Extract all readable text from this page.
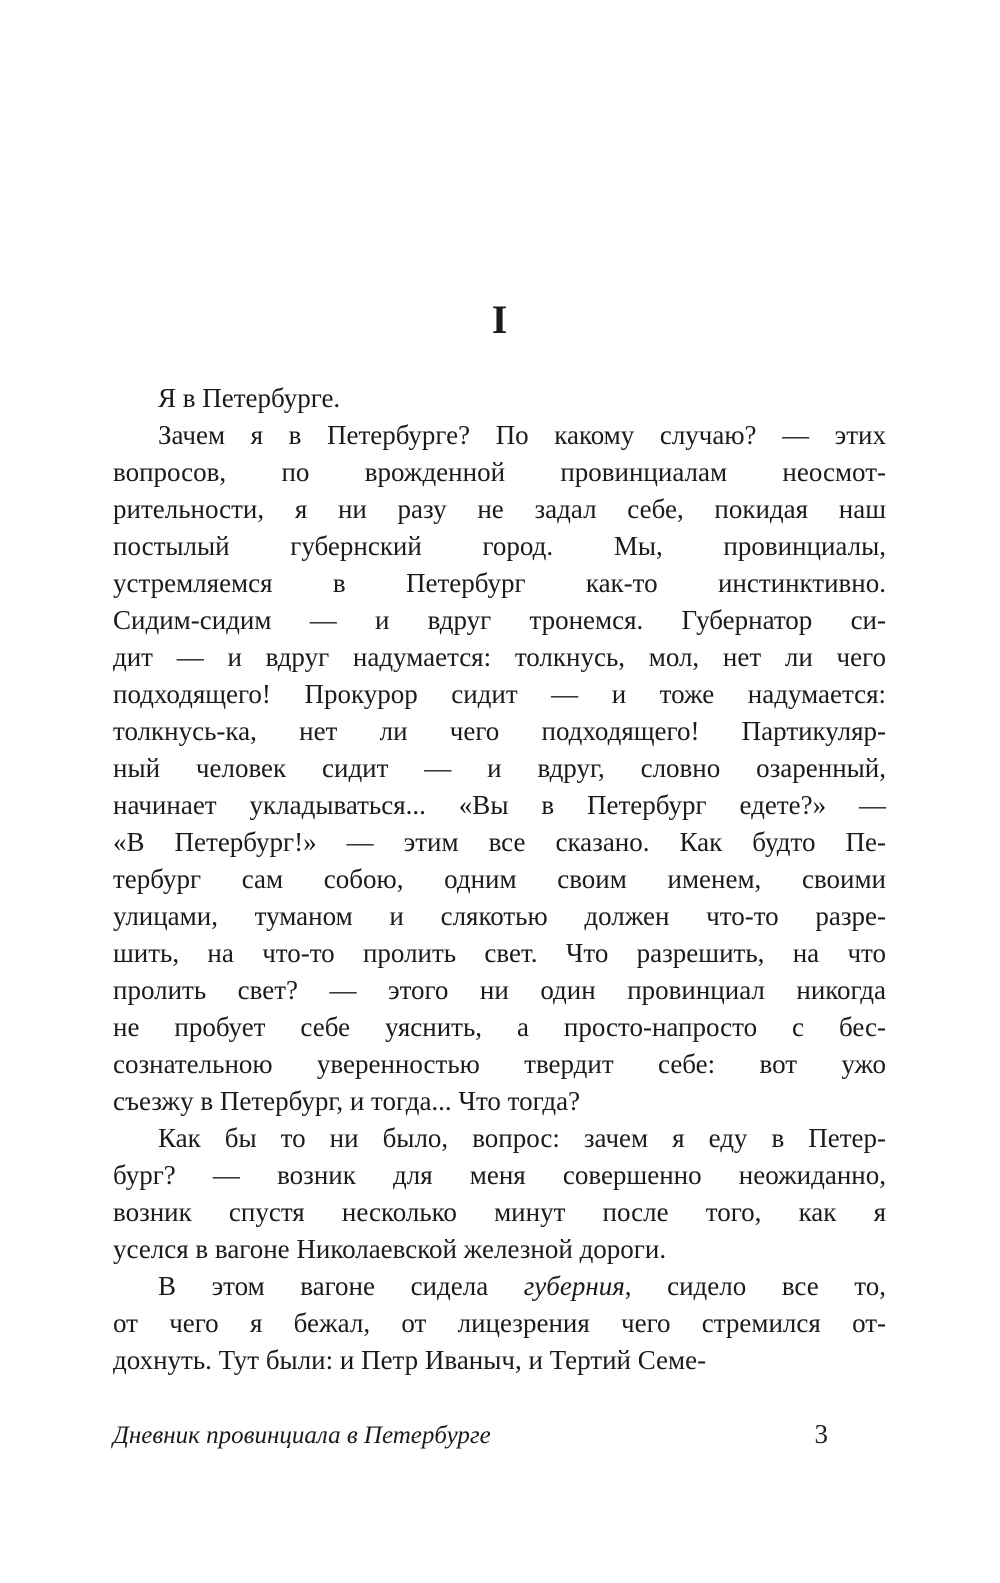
I
Я в Петербурге.
Зачем я в Петербурге? По какому случаю? — этих
вопросов, по врожденной провинциалам неосмот-
рительности, я ни разу не задал себе, покидая наш
постылый губернский город. Мы, провинциалы,
устремляемся в Петербург как-то инстинктивно.
Сидим-сидим — и вдруг тронемся. Губернатор си-
дит — и вдруг надумается: толкнусь, мол, нет ли чего
подходящего! Прокурор сидит — и тоже надумается:
толкнусь-ка, нет ли чего подходящего! Партикуляр-
ный человек сидит — и вдруг, словно озаренный,
начинает укладываться... «Вы в Петербург едете?» —
«В Петербург!» — этим все сказано. Как будто Пе-
тербург сам собою, одним своим именем, своими
улицами, туманом и слякотью должен что-то разре-
шить, на что-то пролить свет. Что разрешить, на что
пролить свет? — этого ни один провинциал никогда
не пробует себе уяснить, а просто-напросто с бес-
сознательною уверенностью твердит себе: вот ужо
съезжу в Петербург, и тогда... Что тогда?
Как бы то ни было, вопрос: зачем я еду в Петер-
бург? — возник для меня совершенно неожиданно,
возник спустя несколько минут после того, как я
уселся в вагоне Николаевской железной дороги.
В этом вагоне сидела губерния, сидело все то,
от чего я бежал, от лицезрения чего стремился от-
дохнуть. Тут были: и Петр Иваныч, и Тертий Семе-
Дневник провинциала в Петербурге	3
